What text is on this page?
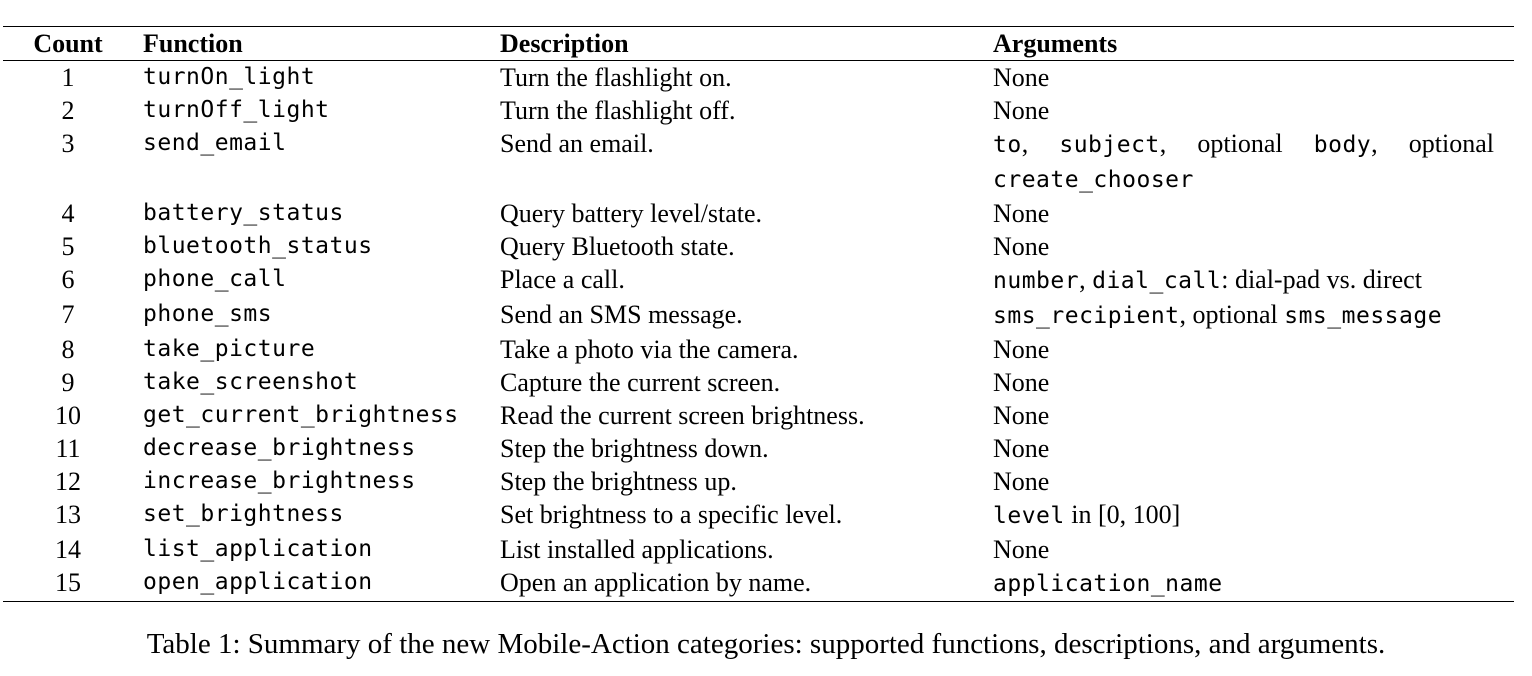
Count	Function	Description	Arguments
1	turnOn_light	Turn the flashlight on.	None
2	turnOff_light	Turn the flashlight off.	None
3	send_email	Send an email.	to, subject, optional body, optional create_chooser
4	battery_status	Query battery level/state.	None
5	bluetooth_status	Query Bluetooth state.	None
6	phone_call	Place a call.	number, dial_call: dial-pad vs. direct
7	phone_sms	Send an SMS message.	sms_recipient, optional sms_message
8	take_picture	Take a photo via the camera.	None
9	take_screenshot	Capture the current screen.	None
10	get_current_brightness	Read the current screen brightness.	None
11	decrease_brightness	Step the brightness down.	None
12	increase_brightness	Step the brightness up.	None
13	set_brightness	Set brightness to a specific level.	level in [0, 100]
14	list_application	List installed applications.	None
15	open_application	Open an application by name.	application_name
Table 1: Summary of the new Mobile-Action categories: supported functions, descriptions, and arguments.
